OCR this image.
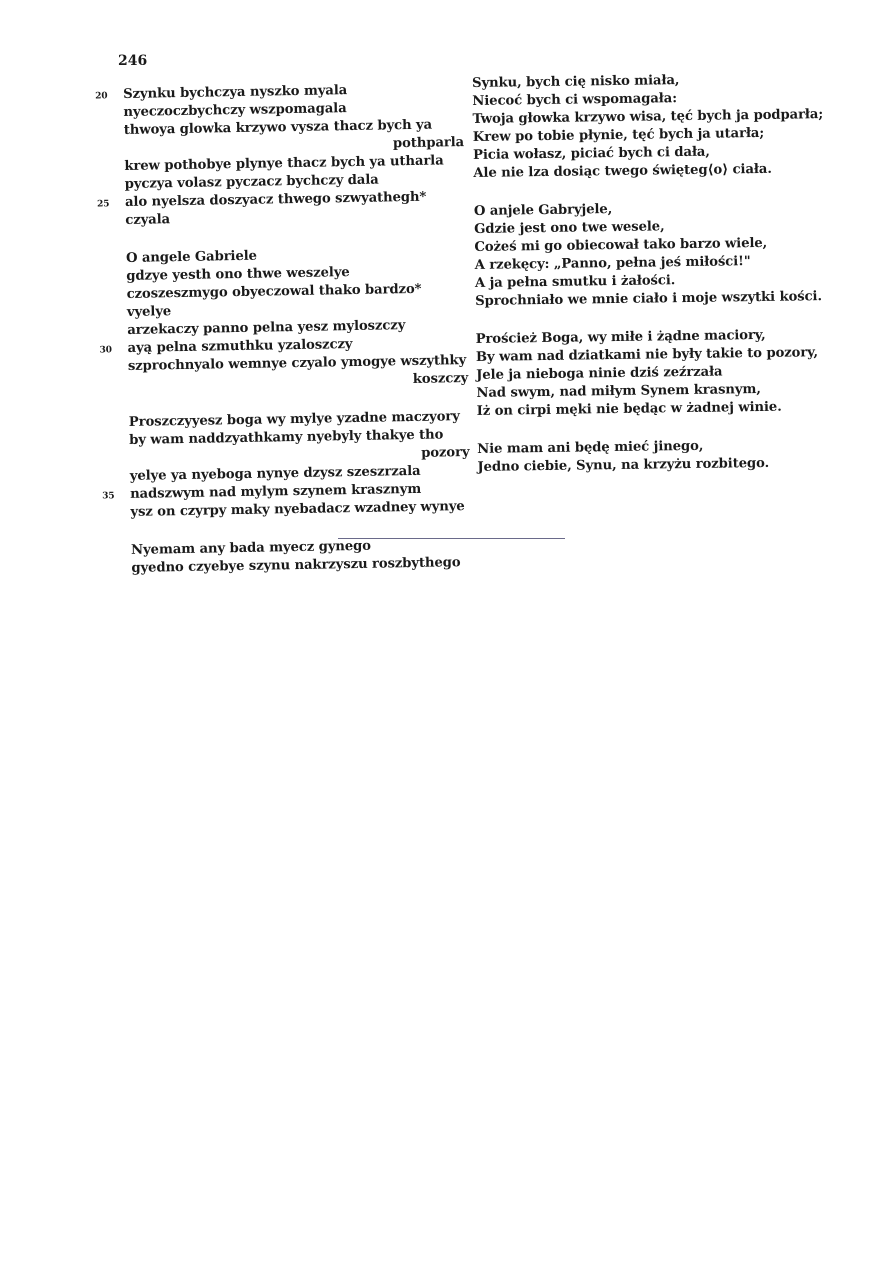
246
20 Szynku bychczya nyszko myala
nyeczoczbychczy wszpomagala
thwoya glowka krzywo vysza thacz bych ya
pothparla
krew pothobye plynye thacz bych ya utharla
pyczya volasz pyczacz bychczy dala
25 alo nyelsza doszyacz thwego szwyathegh* czyala
O angele Gabriele
gdzye yesth ono thwe weszelye
czoszeszmygo obyeczowal thako bardzo* vyelye
arzekaczy panno pelna yesz myloszczy
30 ayą pelna szmuthku yzaloszczy
szprochnyalo wemnye czyalo ymogye wszythky
koszczy
Proszczyyesz boga wy mylye yzadne maczyory
by wam naddzyathkamy nyebyly thakye tho
pozory
yelye ya nyeboga nynye dzysz szeszrzala
35 nadszwym nad mylym szynem krasznym
ysz on czyrpy maky nyebadacz wzadney wynye
Nyemam any bada myecz gynego
gyedno czyebye szynu nakrzyszu roszbythego
Synku, bych cię nisko miała,
Niecoć bych ci wspomagała:
Twoja głowka krzywo wisa, tęć bych ja podparła;
Krew po tobie płynie, tęć bych ja utarła;
Picia wołasz, piciać bych ci dała,
Ale nie lza dosiąc twego święteg⟨o⟩ ciała.
O anjele Gabryjele,
Gdzie jest ono twe wesele,
Cożeś mi go obiecował tako barzo wiele,
A rzekęcy: „Panno, pełna jeś miłości!"
A ja pełna smutku i żałości.
Sprochniało we mnie ciało i moje wszytki kości.
Proścież Boga, wy miłe i żądne maciory,
By wam nad dziatkami nie były takie to pozory,
Jele ja nieboga ninie dziś zeźrzała
Nad swym, nad miłym Synem krasnym,
Iż on cirpi męki nie będąc w żadnej winie.
Nie mam ani będę mieć jinego,
Jedno ciebie, Synu, na krzyżu rozbitego.
